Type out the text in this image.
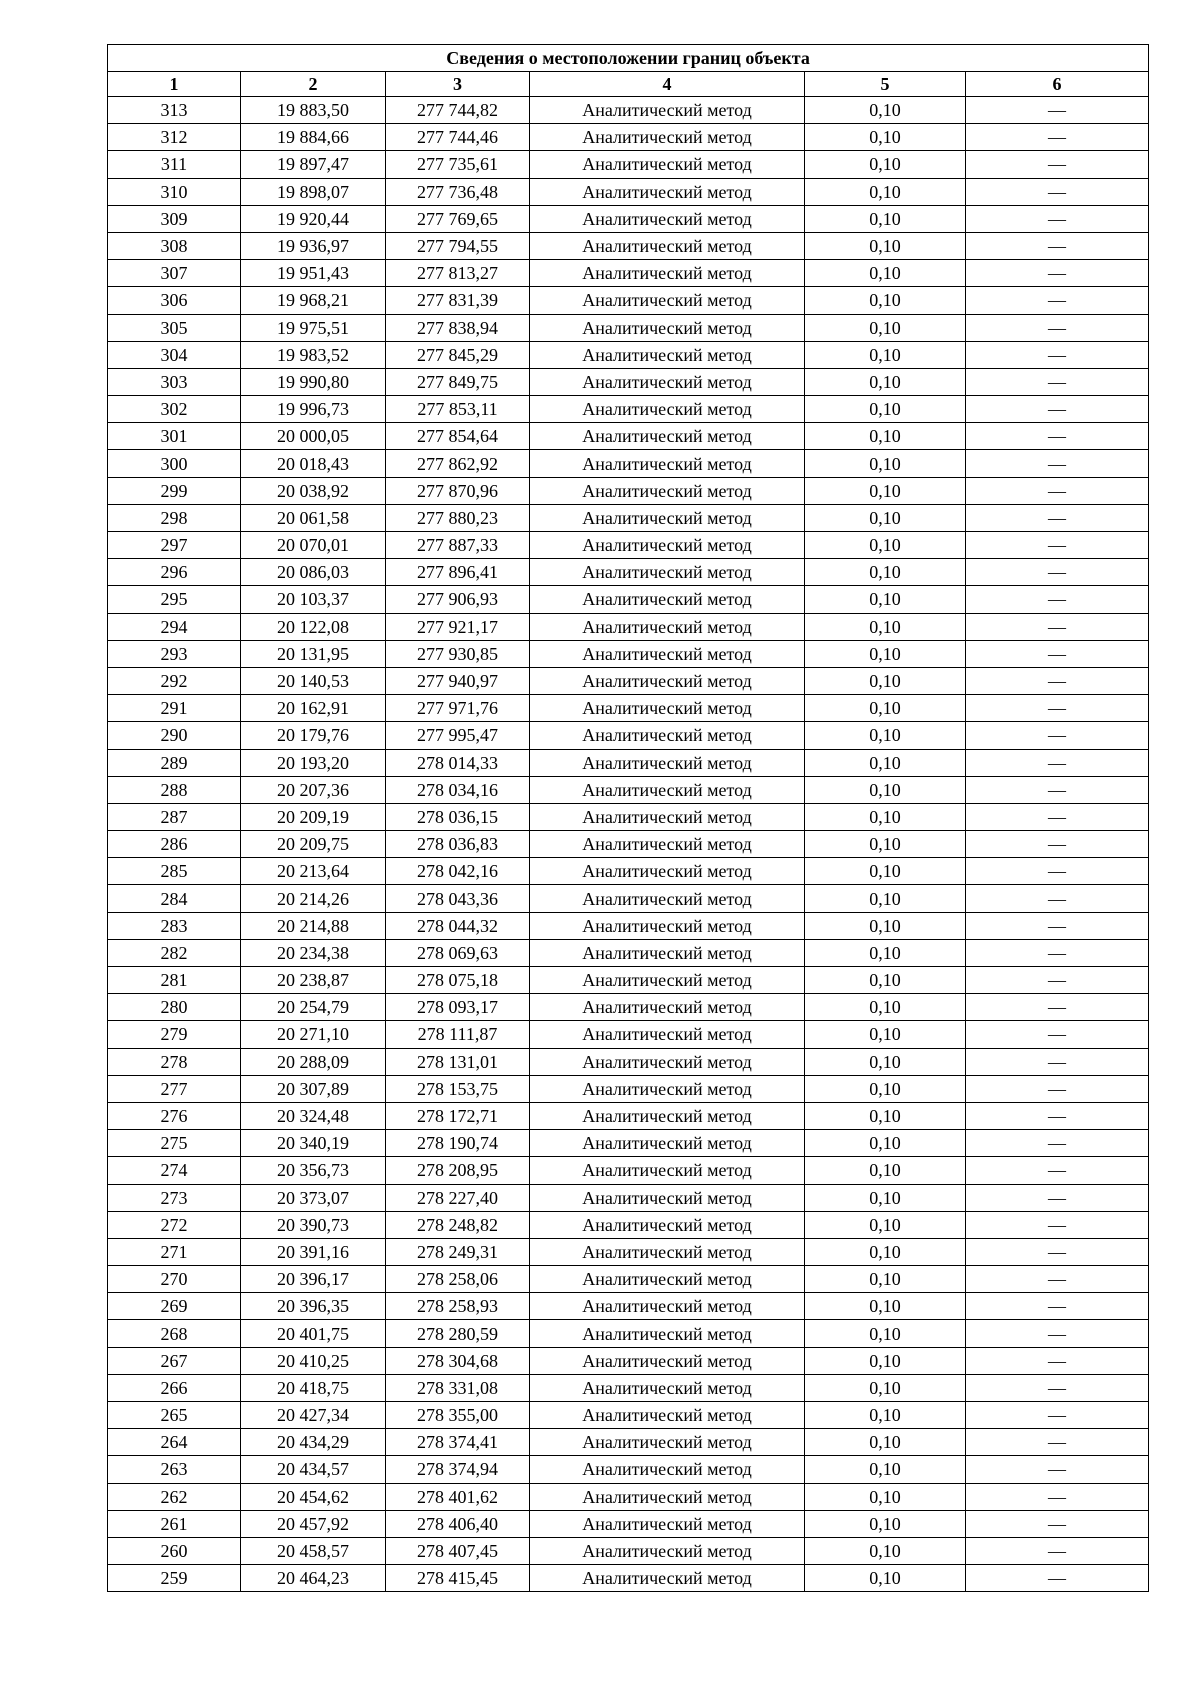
Сведения о местоположении границ объекта					
1	2	3	4	5	6
313	19 883,50	277 744,82	Аналитический метод	0,10	—
312	19 884,66	277 744,46	Аналитический метод	0,10	—
311	19 897,47	277 735,61	Аналитический метод	0,10	—
310	19 898,07	277 736,48	Аналитический метод	0,10	—
309	19 920,44	277 769,65	Аналитический метод	0,10	—
308	19 936,97	277 794,55	Аналитический метод	0,10	—
307	19 951,43	277 813,27	Аналитический метод	0,10	—
306	19 968,21	277 831,39	Аналитический метод	0,10	—
305	19 975,51	277 838,94	Аналитический метод	0,10	—
304	19 983,52	277 845,29	Аналитический метод	0,10	—
303	19 990,80	277 849,75	Аналитический метод	0,10	—
302	19 996,73	277 853,11	Аналитический метод	0,10	—
301	20 000,05	277 854,64	Аналитический метод	0,10	—
300	20 018,43	277 862,92	Аналитический метод	0,10	—
299	20 038,92	277 870,96	Аналитический метод	0,10	—
298	20 061,58	277 880,23	Аналитический метод	0,10	—
297	20 070,01	277 887,33	Аналитический метод	0,10	—
296	20 086,03	277 896,41	Аналитический метод	0,10	—
295	20 103,37	277 906,93	Аналитический метод	0,10	—
294	20 122,08	277 921,17	Аналитический метод	0,10	—
293	20 131,95	277 930,85	Аналитический метод	0,10	—
292	20 140,53	277 940,97	Аналитический метод	0,10	—
291	20 162,91	277 971,76	Аналитический метод	0,10	—
290	20 179,76	277 995,47	Аналитический метод	0,10	—
289	20 193,20	278 014,33	Аналитический метод	0,10	—
288	20 207,36	278 034,16	Аналитический метод	0,10	—
287	20 209,19	278 036,15	Аналитический метод	0,10	—
286	20 209,75	278 036,83	Аналитический метод	0,10	—
285	20 213,64	278 042,16	Аналитический метод	0,10	—
284	20 214,26	278 043,36	Аналитический метод	0,10	—
283	20 214,88	278 044,32	Аналитический метод	0,10	—
282	20 234,38	278 069,63	Аналитический метод	0,10	—
281	20 238,87	278 075,18	Аналитический метод	0,10	—
280	20 254,79	278 093,17	Аналитический метод	0,10	—
279	20 271,10	278 111,87	Аналитический метод	0,10	—
278	20 288,09	278 131,01	Аналитический метод	0,10	—
277	20 307,89	278 153,75	Аналитический метод	0,10	—
276	20 324,48	278 172,71	Аналитический метод	0,10	—
275	20 340,19	278 190,74	Аналитический метод	0,10	—
274	20 356,73	278 208,95	Аналитический метод	0,10	—
273	20 373,07	278 227,40	Аналитический метод	0,10	—
272	20 390,73	278 248,82	Аналитический метод	0,10	—
271	20 391,16	278 249,31	Аналитический метод	0,10	—
270	20 396,17	278 258,06	Аналитический метод	0,10	—
269	20 396,35	278 258,93	Аналитический метод	0,10	—
268	20 401,75	278 280,59	Аналитический метод	0,10	—
267	20 410,25	278 304,68	Аналитический метод	0,10	—
266	20 418,75	278 331,08	Аналитический метод	0,10	—
265	20 427,34	278 355,00	Аналитический метод	0,10	—
264	20 434,29	278 374,41	Аналитический метод	0,10	—
263	20 434,57	278 374,94	Аналитический метод	0,10	—
262	20 454,62	278 401,62	Аналитический метод	0,10	—
261	20 457,92	278 406,40	Аналитический метод	0,10	—
260	20 458,57	278 407,45	Аналитический метод	0,10	—
259	20 464,23	278 415,45	Аналитический метод	0,10	—
